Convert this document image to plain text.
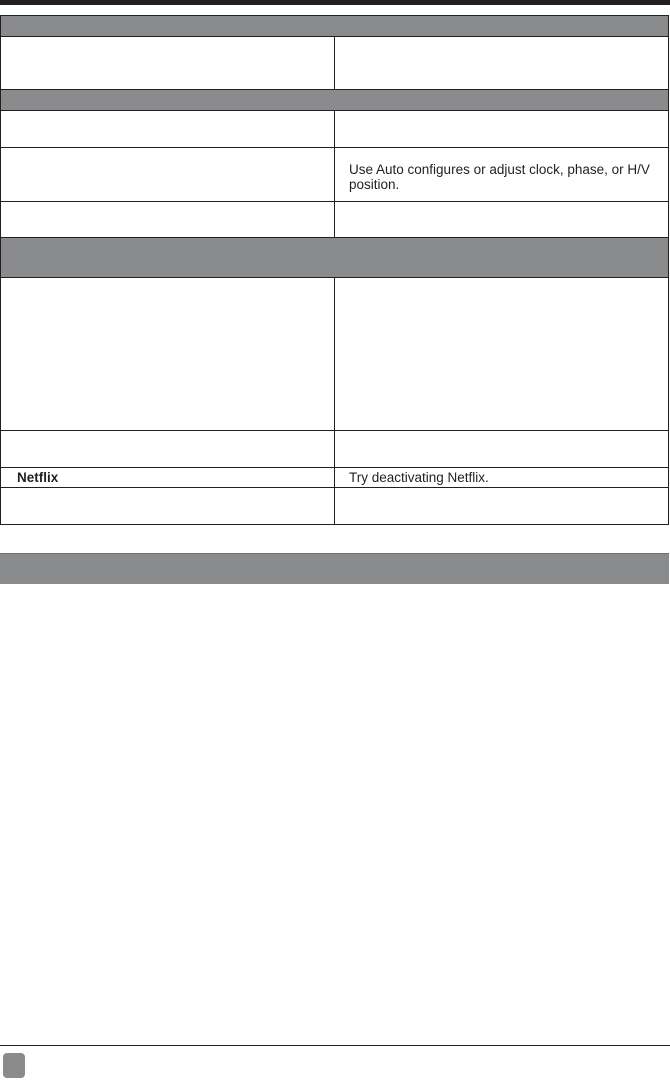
	Use Auto configures or adjust clock, phase, or H/V position.

Netflix	Try deactivating Netflix.
